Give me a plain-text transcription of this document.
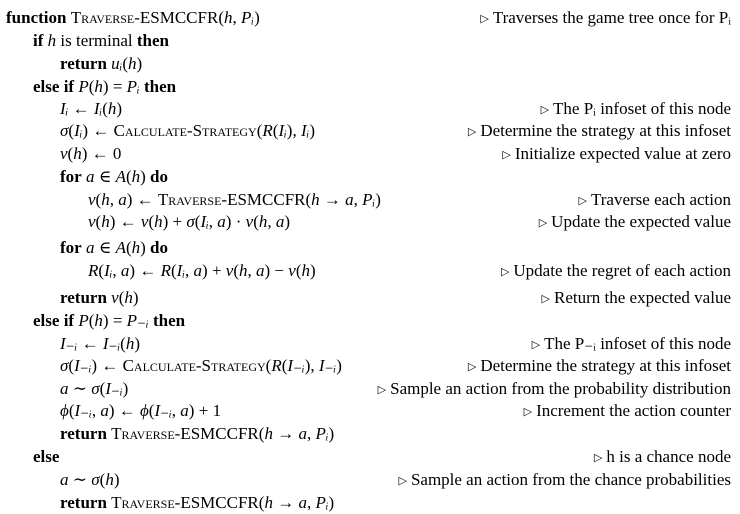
function Traverse-ESMCCFR(h, Pᵢ)	▷ Traverses the game tree once for Pᵢ
if h is terminal then
return uᵢ(h)
else if P(h) = Pᵢ then
Iᵢ ← Iᵢ(h)	▷ The Pᵢ infoset of this node
σ(Iᵢ) ← Calculate-Strategy(R(Iᵢ), Iᵢ)	▷ Determine the strategy at this infoset
v(h) ← 0	▷ Initialize expected value at zero
for a ∈ A(h) do
v(h, a) ← Traverse-ESMCCFR(h → a, Pᵢ)	▷ Traverse each action
v(h) ← v(h) + σ(Iᵢ, a) · v(h, a)	▷ Update the expected value
for a ∈ A(h) do
R(Iᵢ, a) ← R(Iᵢ, a) + v(h, a) − v(h)	▷ Update the regret of each action
return v(h)	▷ Return the expected value
else if P(h) = P₋ᵢ then
I₋ᵢ ← I₋ᵢ(h)	▷ The P₋ᵢ infoset of this node
σ(I₋ᵢ) ← Calculate-Strategy(R(I₋ᵢ), I₋ᵢ)	▷ Determine the strategy at this infoset
a ∼ σ(I₋ᵢ)	▷ Sample an action from the probability distribution
ϕ(I₋ᵢ, a) ← ϕ(I₋ᵢ, a) + 1	▷ Increment the action counter
return Traverse-ESMCCFR(h → a, Pᵢ)
else	▷ h is a chance node
a ∼ σ(h)	▷ Sample an action from the chance probabilities
return Traverse-ESMCCFR(h → a, Pᵢ)
